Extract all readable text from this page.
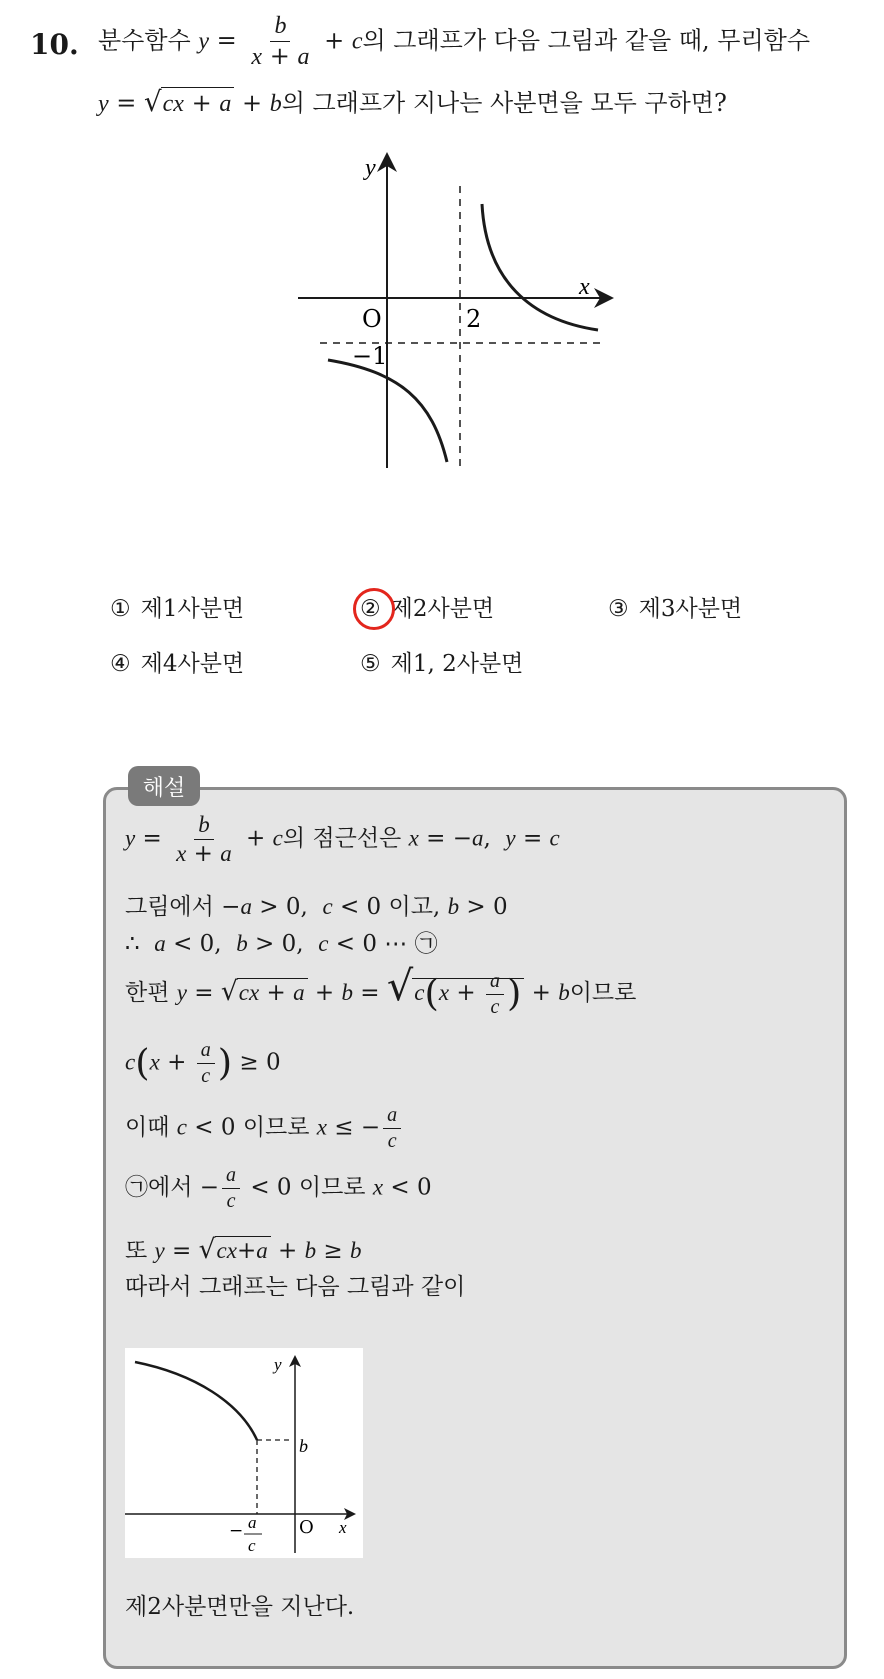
10. 분수함수 $y = \frac{b}{x + a} + c$의 그래프가 다음 그림과 같을 때, 무리함수
y = √cx + a + b의 그래프가 지나는 사분면을 모두 구하면?
y
x
O	2
−1
① 제1사분면	② 제2사분면	③ 제3사분면
④ 제4사분면	⑤ 제1, 2사분면
해설
$y = \frac{b}{x + a} + c$의 점근선은 x = −a,  y = c
그림에서 −a > 0,  c < 0 이고, b > 0
∴  a < 0,  b > 0,  c < 0 ⋯ ㉠
한편 $y = √cx + a + b = √c(x + \frac{a}{c}$ ) + b이므로
$c(x + \frac{a}{c}$ ) ≥ 0
이때 c < 0 이므로 x ≤ − $\frac{a}{c}$
㉠에서 − $\frac{a}{c} < 0$ 이므로 x < 0
또 y = √cx+a + b ≥ b
따라서 그래프는 다음 그림과 같이
y
x
b
O
− a
c
제2사분면만을 지난다.
